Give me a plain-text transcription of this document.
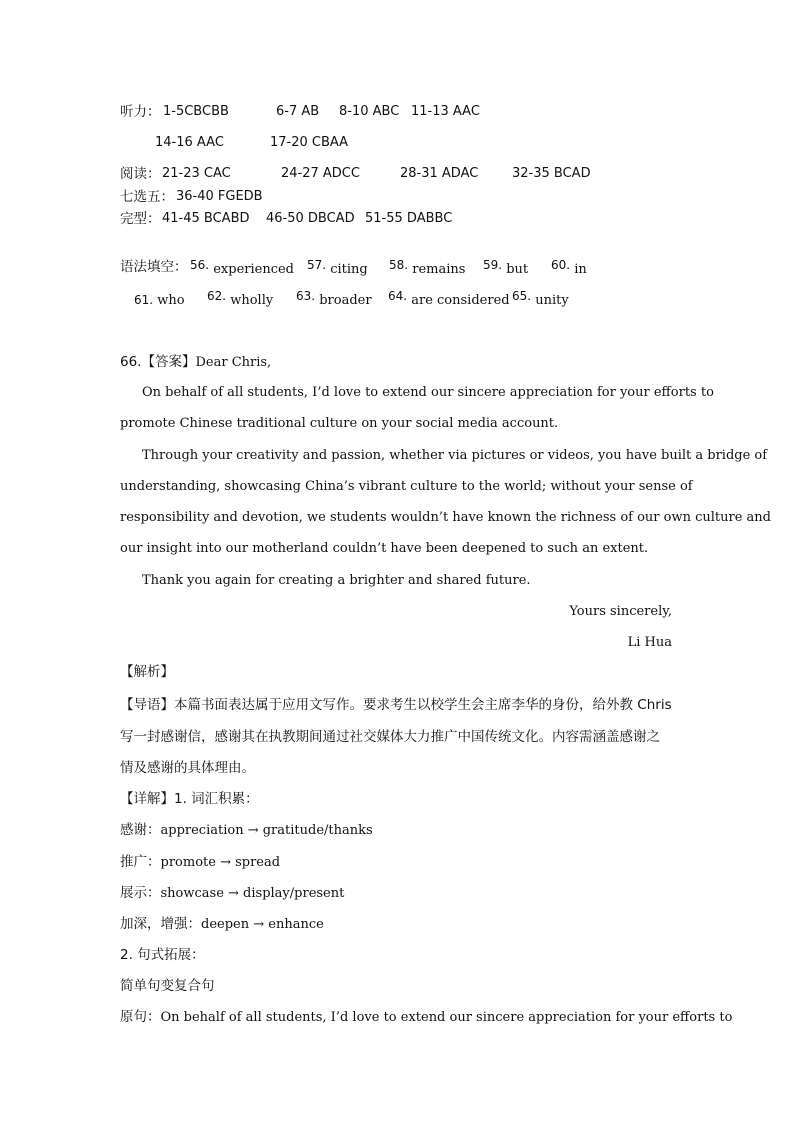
听力： 1-5CBCBB	6-7 AB 8-10 ABC 11-13 AAC
14-16 AAC	17-20 CBAA
阅读： 21-23 CAC	24-27 ADCC	28-31 ADAC	32-35 BCAD
七选五： 36-40 FGEDB
完型： 41-45 BCABD 46-50 DBCAD 51-55 DABBC
语法填空： 56. experienced 57. citing 58. remains 59. but 60. in
61. who 62. wholly 63. broader 64. are considered 65. unity
66.【答案】Dear Chris,
On behalf of all students, I’d love to extend our sincere appreciation for your efforts to
promote Chinese traditional culture on your social media account.
Through your creativity and passion, whether via pictures or videos, you have built a bridge of
understanding, showcasing China’s vibrant culture to the world; without your sense of
responsibility and devotion, we students wouldn’t have known the richness of our own culture and
our insight into our motherland couldn’t have been deepened to such an extent.
Thank you again for creating a brighter and shared future.
Yours sincerely,
Li Hua
【解析】
【导语】本篇书面表达属于应用文写作。要求考生以校学生会主席李华的身份，给外教 Chris
写一封感谢信，感谢其在执教期间通过社交媒体大力推广中国传统文化。内容需涵盖感谢之
情及感谢的具体理由。
【详解】1. 词汇积累：
感谢：appreciation → gratitude/thanks
推广：promote → spread
展示：showcase → display/present
加深，增强：deepen → enhance
2. 句式拓展：
简单句变复合句
原句：On behalf of all students, I’d love to extend our sincere appreciation for your efforts to
